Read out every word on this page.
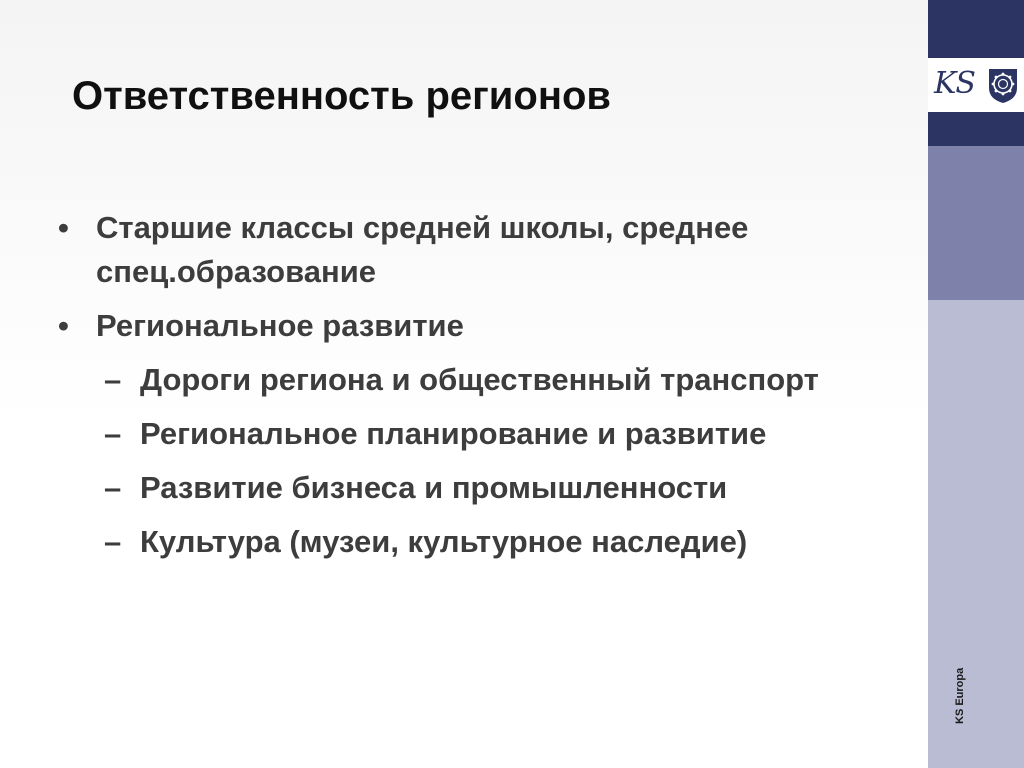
Ответственность регионов
• Старшие классы средней школы, среднее спец.образование
• Региональное развитие
– Дороги региона и общественный транспорт
– Региональное планирование и развитие
– Развитие бизнеса и промышленности
– Культура (музеи, культурное наследие)
KS
KS Europa
